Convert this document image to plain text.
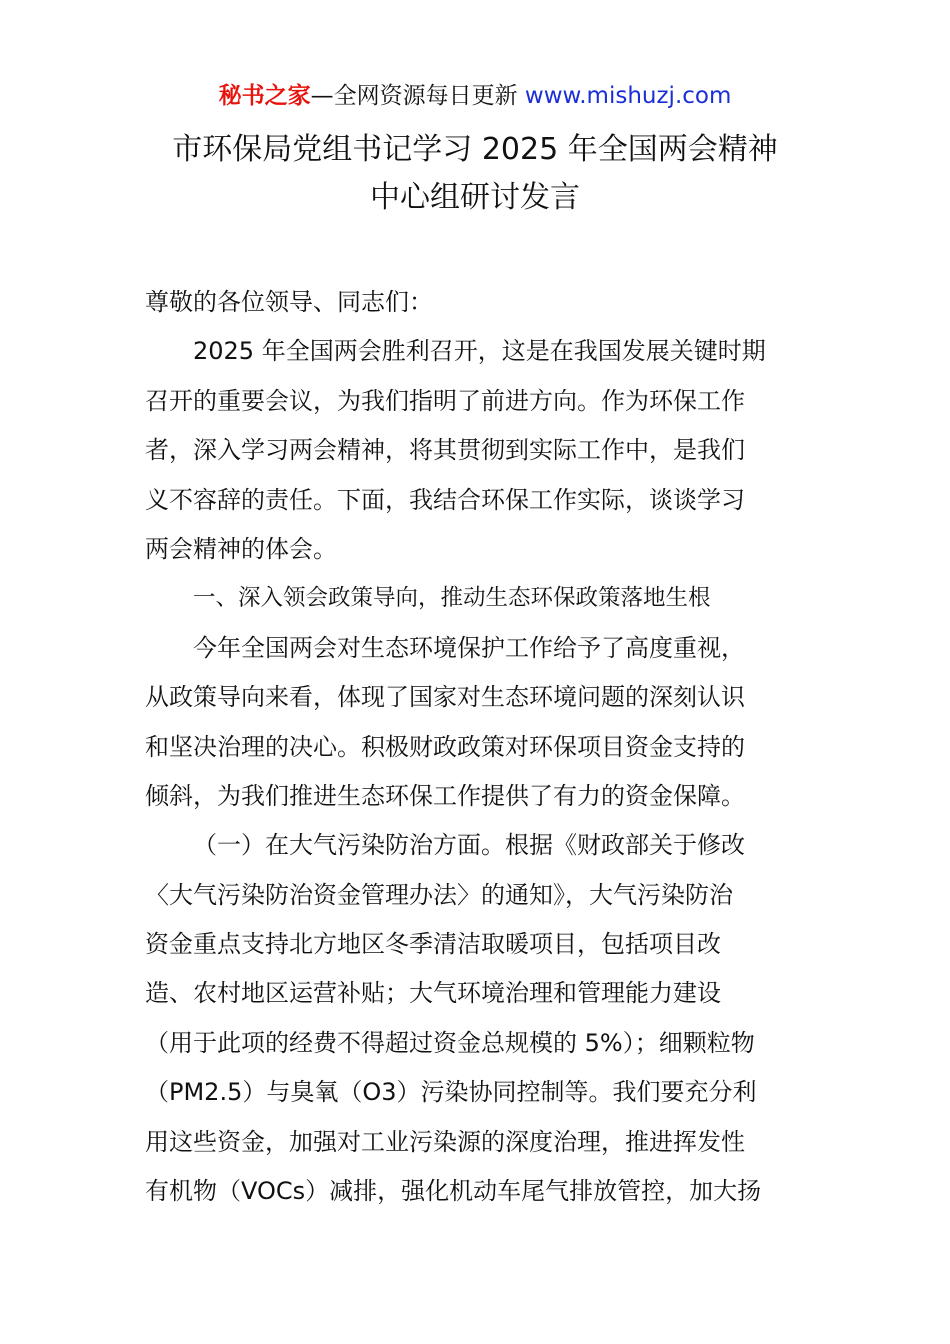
秘书之家—全网资源每日更新 www.mishuzj.com
市环保局党组书记学习 2025 年全国两会精神
中心组研讨发言
尊敬的各位领导、同志们：
2025 年全国两会胜利召开，这是在我国发展关键时期
召开的重要会议，为我们指明了前进方向。作为环保工作
者，深入学习两会精神，将其贯彻到实际工作中，是我们
义不容辞的责任。下面，我结合环保工作实际，谈谈学习
两会精神的体会。
一、深入领会政策导向，推动生态环保政策落地生根
今年全国两会对生态环境保护工作给予了高度重视，
从政策导向来看，体现了国家对生态环境问题的深刻认识
和坚决治理的决心。积极财政政策对环保项目资金支持的
倾斜，为我们推进生态环保工作提供了有力的资金保障。
（一）在大气污染防治方面。根据《财政部关于修改
〈大气污染防治资金管理办法〉的通知》，大气污染防治
资金重点支持北方地区冬季清洁取暖项目，包括项目改
造、农村地区运营补贴；大气环境治理和管理能力建设
（用于此项的经费不得超过资金总规模的 5%）；细颗粒物
（PM2.5）与臭氧（O3）污染协同控制等。我们要充分利
用这些资金，加强对工业污染源的深度治理，推进挥发性
有机物（VOCs）减排，强化机动车尾气排放管控，加大扬
